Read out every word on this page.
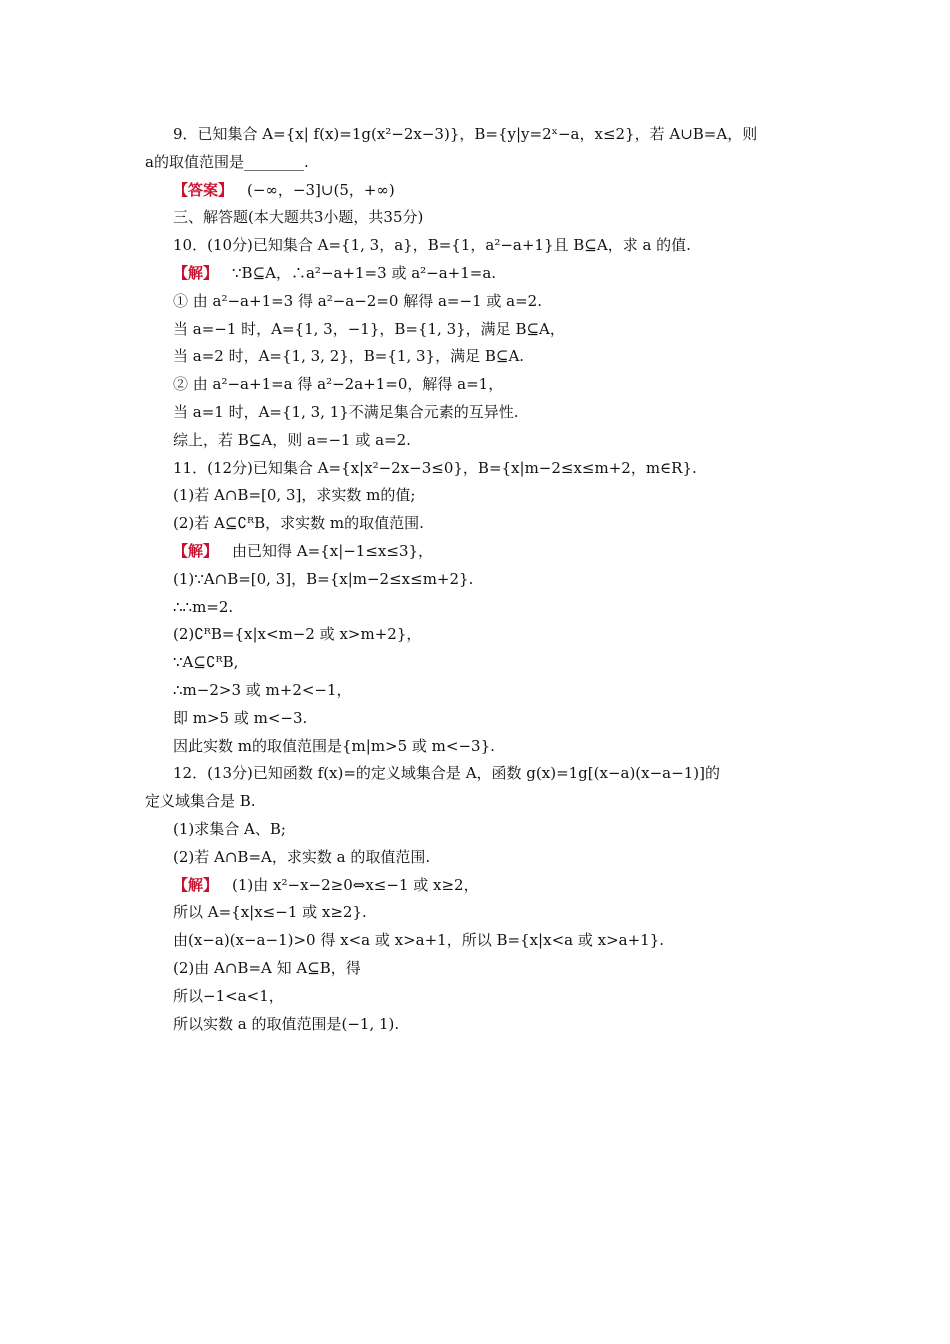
9．已知集合 A={x| f(x)=1g(x²−2x−3)}，B={y|y=2ˣ−a，x≤2}，若 A∪B=A，则
a的取值范围是________.
【答案】 (−∞，−3]∪(5，+∞)
三、解答题(本大题共3小题，共35分)
10．(10分)已知集合 A={1, 3，a}，B={1，a²−a+1}且 B⊆A，求 a 的值.
【解】 ∵B⊆A，∴a²−a+1=3 或 a²−a+1=a.
① 由 a²−a+1=3 得 a²−a−2=0 解得 a=−1 或 a=2.
当 a=−1 时，A={1, 3，−1}，B={1, 3}，满足 B⊆A，
当 a=2 时，A={1, 3, 2}，B={1, 3}，满足 B⊆A.
② 由 a²−a+1=a 得 a²−2a+1=0，解得 a=1，
当 a=1 时，A={1, 3, 1}不满足集合元素的互异性.
综上，若 B⊆A，则 a=−1 或 a=2.
11．(12分)已知集合 A={x|x²−2x−3≤0}，B={x|m−2≤x≤m+2，m∈R}.
(1)若 A∩B=[0, 3]，求实数 m的值;
(2)若 A⊆∁ᴿB，求实数 m的取值范围.
【解】 由已知得 A={x|−1≤x≤3}，
(1)∵A∩B=[0, 3]，B={x|m−2≤x≤m+2}.
∴∴m=2.
(2)∁ᴿB={x|x<m−2 或 x>m+2}，
∵A⊆∁ᴿB,
∴m−2>3 或 m+2<−1，
即 m>5 或 m<−3.
因此实数 m的取值范围是{m|m>5 或 m<−3}.
12．(13分)已知函数 f(x)=的定义域集合是 A，函数 g(x)=1g[(x−a)(x−a−1)]的
定义域集合是 B.
(1)求集合 A、B;
(2)若 A∩B=A，求实数 a 的取值范围.
【解】 (1)由 x²−x−2≥0⇔x≤−1 或 x≥2，
所以 A={x|x≤−1 或 x≥2}.
由(x−a)(x−a−1)>0 得 x<a 或 x>a+1，所以 B={x|x<a 或 x>a+1}.
(2)由 A∩B=A 知 A⊆B，得
所以−1<a<1，
所以实数 a 的取值范围是(−1, 1).
